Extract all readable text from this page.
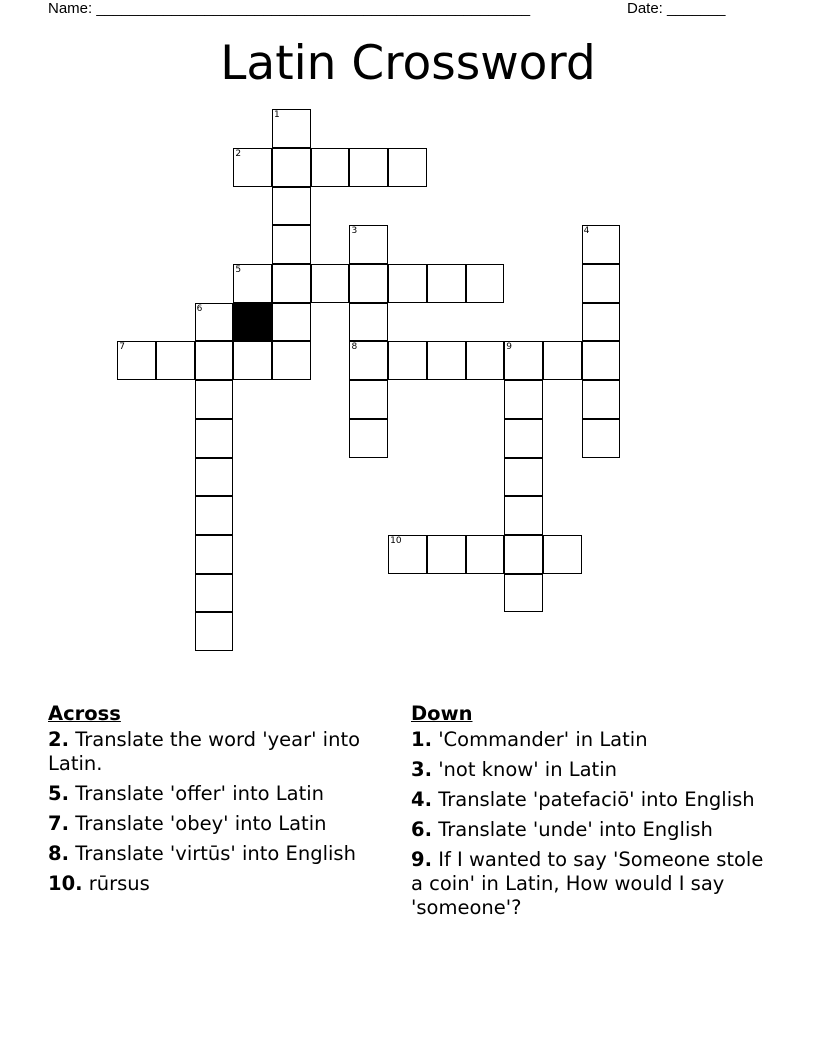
Name: ____________________________________________________	Date: _______
Latin Crossword
1
2
3
8
4
5
6
7	9
10
Across
2. Translate the word 'year' into Latin.
5. Translate 'offer' into Latin
7. Translate 'obey' into Latin
8. Translate 'virtūs' into English
10. rūrsus
Down
1. 'Commander' in Latin
3. 'not know' in Latin
4. Translate 'patefaciō' into English
6. Translate 'unde' into English
9. If I wanted to say 'Someone stole a coin' in Latin, How would I say 'someone'?
